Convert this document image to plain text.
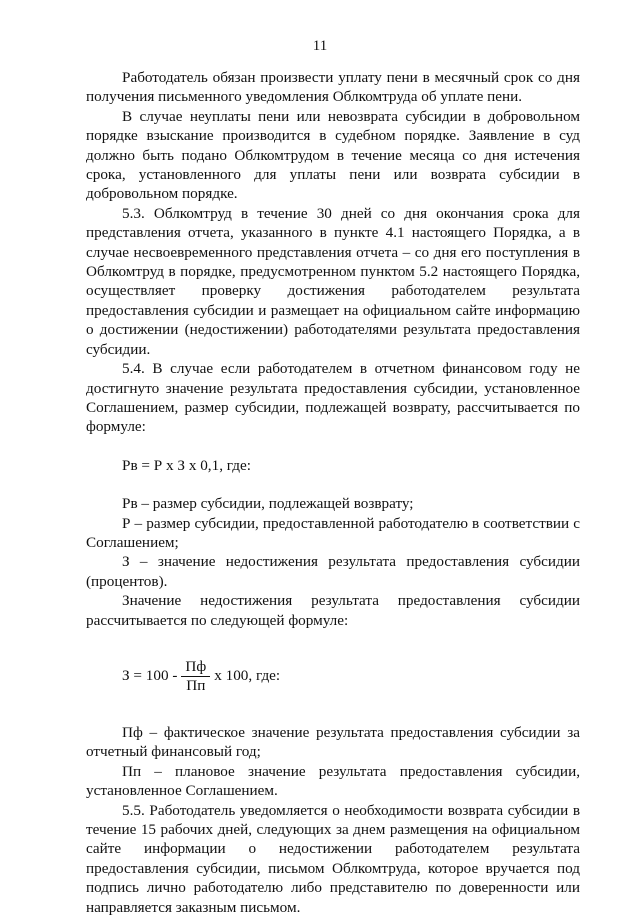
11

Работодатель обязан произвести уплату пени в месячный срок со дня получения письменного уведомления Облкомтруда об уплате пени.

В случае неуплаты пени или невозврата субсидии в добровольном порядке взыскание производится в судебном порядке. Заявление в суд должно быть подано Облкомтрудом в течение месяца со дня истечения срока, установленного для уплаты пени или возврата субсидии в добровольном порядке.

5.3. Облкомтруд в течение 30 дней со дня окончания срока для представления отчета, указанного в пункте 4.1 настоящего Порядка, а в случае несвоевременного представления отчета – со дня его поступления в Облкомтруд в порядке, предусмотренном пунктом 5.2 настоящего Порядка, осуществляет проверку достижения работодателем результата предоставления субсидии и размещает на официальном сайте информацию о достижении (недостижении) работодателями результата предоставления субсидии.

5.4. В случае если работодателем в отчетном финансовом году не достигнуто значение результата предоставления субсидии, установленное Соглашением, размер субсидии, подлежащей возврату, рассчитывается по формуле:

Рв = Р х З х 0,1, где:

Рв – размер субсидии, подлежащей возврату;

Р – размер субсидии, предоставленной работодателю в соответствии с Соглашением;

З – значение недостижения результата предоставления субсидии (процентов).

Значение недостижения результата предоставления субсидии рассчитывается по следующей формуле:

$З = 100 - \frac{Пф}{Пп}$ х 100, где:

Пф – фактическое значение результата предоставления субсидии за отчетный финансовый год;

Пп – плановое значение результата предоставления субсидии, установленное Соглашением.

5.5. Работодатель уведомляется о необходимости возврата субсидии в течение 15 рабочих дней, следующих за днем размещения на официальном сайте информации о недостижении работодателем результата предоставления субсидии, письмом Облкомтруда, которое вручается под подпись лично работодателю либо представителю по доверенности или направляется заказным письмом.
